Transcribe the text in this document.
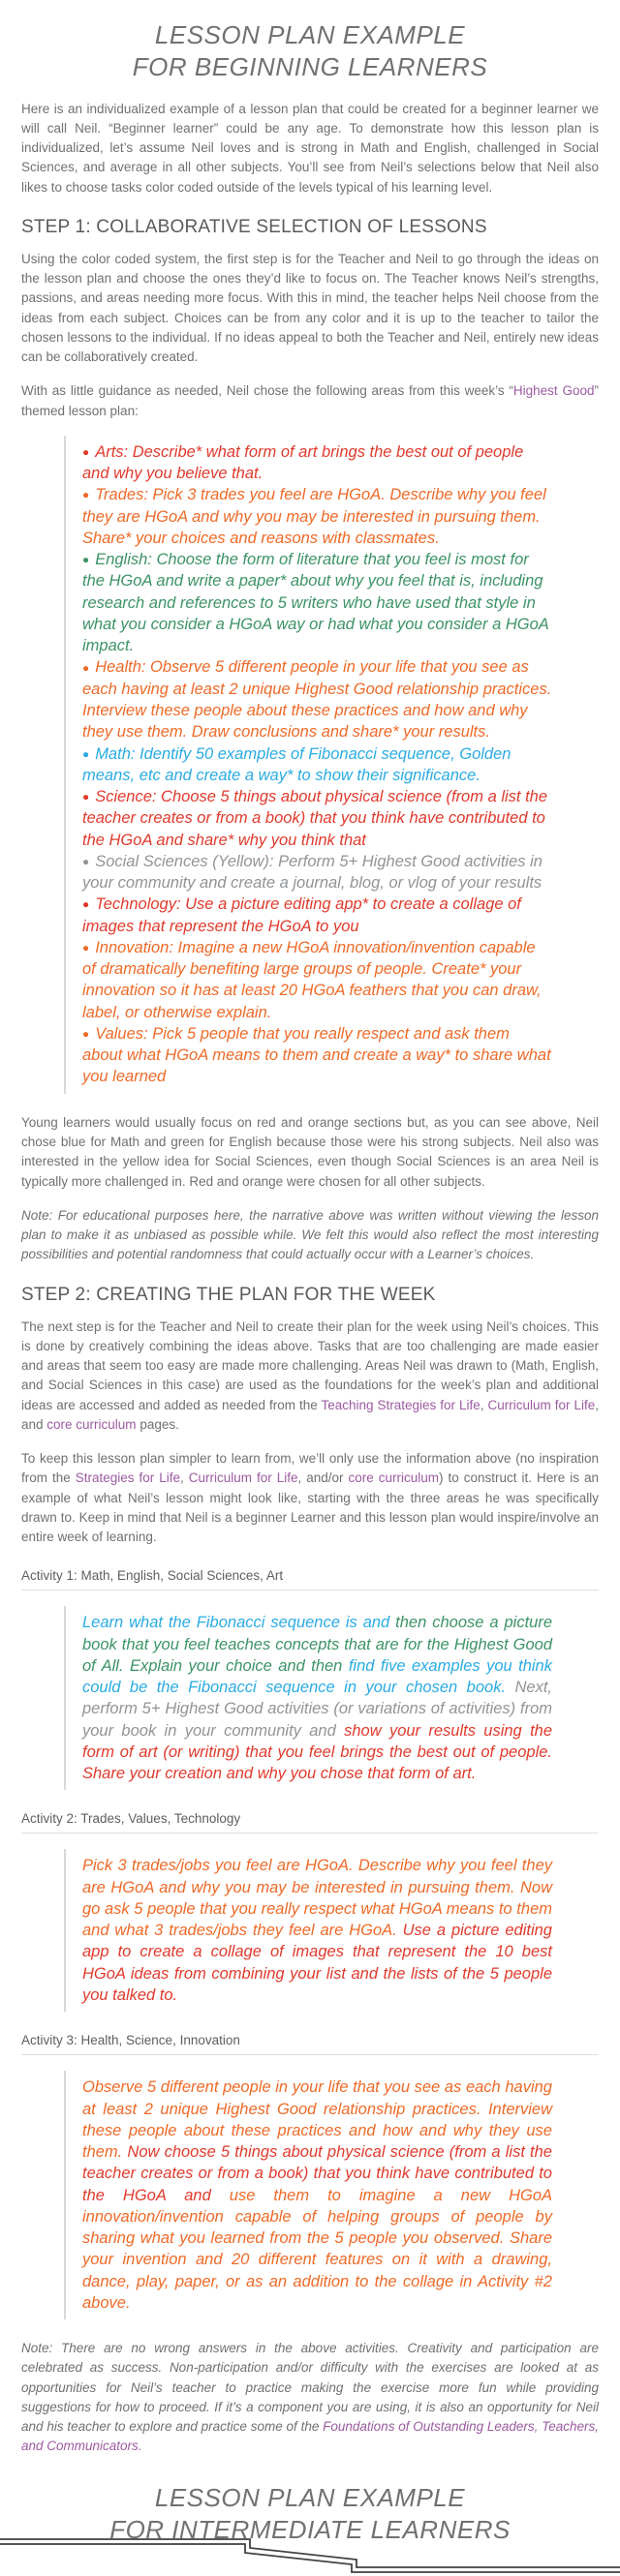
LESSON PLAN EXAMPLE
FOR BEGINNING LEARNERS

Here is an individualized example of a lesson plan that could be created for a beginner learner we will call Neil. “Beginner learner” could be any age. To demonstrate how this lesson plan is individualized, let’s assume Neil loves and is strong in Math and English, challenged in Social Sciences, and average in all other subjects. You’ll see from Neil’s selections below that Neil also likes to choose tasks color coded outside of the levels typical of his learning level.

STEP 1: COLLABORATIVE SELECTION OF LESSONS

Using the color coded system, the first step is for the Teacher and Neil to go through the ideas on the lesson plan and choose the ones they’d like to focus on. The Teacher knows Neil’s strengths, passions, and areas needing more focus. With this in mind, the teacher helps Neil choose from the ideas from each subject. Choices can be from any color and it is up to the teacher to tailor the chosen lessons to the individual. If no ideas appeal to both the Teacher and Neil, entirely new ideas can be collaboratively created.

With as little guidance as needed, Neil chose the following areas from this week’s “Highest Good” themed lesson plan:

● Arts: Describe* what form of art brings the best out of people and why you believe that.

● Trades: Pick 3 trades you feel are HGoA. Describe why you feel they are HGoA and why you may be interested in pursuing them. Share* your choices and reasons with classmates.

● English: Choose the form of literature that you feel is most for the HGoA and write a paper* about why you feel that is, including research and references to 5 writers who have used that style in what you consider a HGoA way or had what you consider a HGoA impact.

● Health: Observe 5 different people in your life that you see as each having at least 2 unique Highest Good relationship practices. Interview these people about these practices and how and why they use them. Draw conclusions and share* your results.

● Math: Identify 50 examples of Fibonacci sequence, Golden means, etc and create a way* to show their significance.

● Science: Choose 5 things about physical science (from a list the teacher creates or from a book) that you think have contributed to the HGoA and share* why you think that

● Social Sciences (Yellow): Perform 5+ Highest Good activities in your community and create a journal, blog, or vlog of your results

● Technology: Use a picture editing app* to create a collage of images that represent the HGoA to you

● Innovation: Imagine a new HGoA innovation/invention capable of dramatically benefiting large groups of people. Create* your innovation so it has at least 20 HGoA feathers that you can draw, label, or otherwise explain.

● Values: Pick 5 people that you really respect and ask them about what HGoA means to them and create a way* to share what you learned

Young learners would usually focus on red and orange sections but, as you can see above, Neil chose blue for Math and green for English because those were his strong subjects. Neil also was interested in the yellow idea for Social Sciences, even though Social Sciences is an area Neil is typically more challenged in. Red and orange were chosen for all other subjects.

Note: For educational purposes here, the narrative above was written without viewing the lesson plan to make it as unbiased as possible while. We felt this would also reflect the most interesting possibilities and potential randomness that could actually occur with a Learner’s choices.

STEP 2: CREATING THE PLAN FOR THE WEEK

The next step is for the Teacher and Neil to create their plan for the week using Neil’s choices. This is done by creatively combining the ideas above. Tasks that are too challenging are made easier and areas that seem too easy are made more challenging. Areas Neil was drawn to (Math, English, and Social Sciences in this case) are used as the foundations for the week’s plan and additional ideas are accessed and added as needed from the Teaching Strategies for Life, Curriculum for Life, and core curriculum pages.

To keep this lesson plan simpler to learn from, we’ll only use the information above (no inspiration from the Strategies for Life, Curriculum for Life, and/or core curriculum) to construct it. Here is an example of what Neil’s lesson might look like, starting with the three areas he was specifically drawn to. Keep in mind that Neil is a beginner Learner and this lesson plan would inspire/involve an entire week of learning.

Activity 1: Math, English, Social Sciences, Art

Learn what the Fibonacci sequence is and then choose a picture book that you feel teaches concepts that are for the Highest Good of All. Explain your choice and then find five examples you think could be the Fibonacci sequence in your chosen book. Next, perform 5+ Highest Good activities (or variations of activities) from your book in your community and show your results using the form of art (or writing) that you feel brings the best out of people. Share your creation and why you chose that form of art.

Activity 2: Trades, Values, Technology

Pick 3 trades/jobs you feel are HGoA. Describe why you feel they are HGoA and why you may be interested in pursuing them. Now go ask 5 people that you really respect what HGoA means to them and what 3 trades/jobs they feel are HGoA. Use a picture editing app to create a collage of images that represent the 10 best HGoA ideas from combining your list and the lists of the 5 people you talked to.

Activity 3: Health, Science, Innovation

Observe 5 different people in your life that you see as each having at least 2 unique Highest Good relationship practices. Interview these people about these practices and how and why they use them. Now choose 5 things about physical science (from a list the teacher creates or from a book) that you think have contributed to the HGoA and use them to imagine a new HGoA innovation/invention capable of helping groups of people by sharing what you learned from the 5 people you observed. Share your invention and 20 different features on it with a drawing, dance, play, paper, or as an addition to the collage in Activity #2 above.

Note: There are no wrong answers in the above activities. Creativity and participation are celebrated as success. Non-participation and/or difficulty with the exercises are looked at as opportunities for Neil’s teacher to practice making the exercise more fun while providing suggestions for how to proceed. If it’s a component you are using, it is also an opportunity for Neil and his teacher to explore and practice some of the Foundations of Outstanding Leaders, Teachers, and Communicators.

LESSON PLAN EXAMPLE
FOR INTERMEDIATE LEARNERS
